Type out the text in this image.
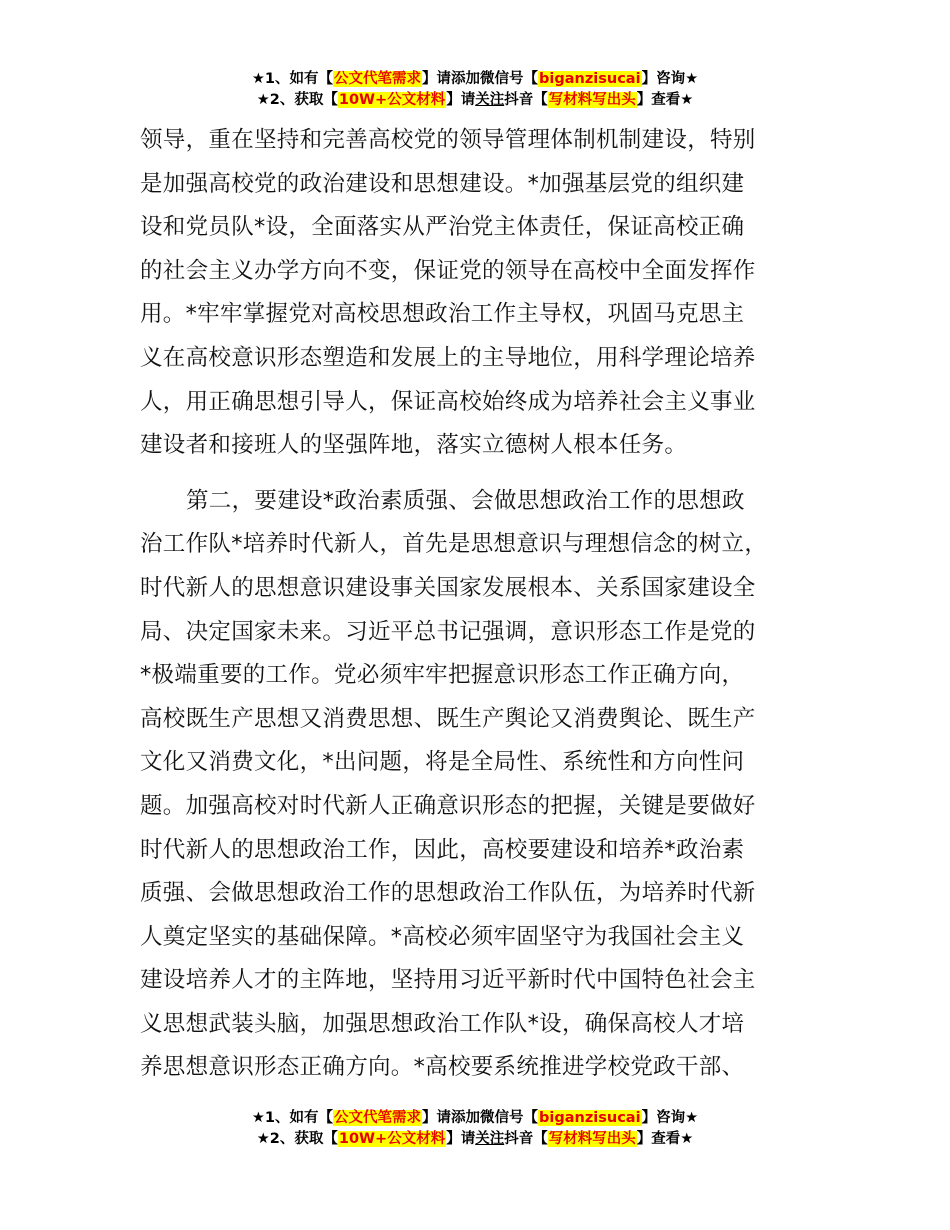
★1、如有【公文代笔需求】请添加微信号【biganzisucai】咨询★
★2、获取【10W+公文材料】请关注抖音【写材料写出头】查看★
领导，重在坚持和完善高校党的领导管理体制机制建设，特别
是加强高校党的政治建设和思想建设。*加强基层党的组织建
设和党员队*设，全面落实从严治党主体责任，保证高校正确
的社会主义办学方向不变，保证党的领导在高校中全面发挥作
用。*牢牢掌握党对高校思想政治工作主导权，巩固马克思主
义在高校意识形态塑造和发展上的主导地位，用科学理论培养
人，用正确思想引导人，保证高校始终成为培养社会主义事业
建设者和接班人的坚强阵地，落实立德树人根本任务。
第二，要建设*政治素质强、会做思想政治工作的思想政
治工作队*培养时代新人，首先是思想意识与理想信念的树立，
时代新人的思想意识建设事关国家发展根本、关系国家建设全
局、决定国家未来。习近平总书记强调，意识形态工作是党的
*极端重要的工作。党必须牢牢把握意识形态工作正确方向，
高校既生产思想又消费思想、既生产舆论又消费舆论、既生产
文化又消费文化，*出问题，将是全局性、系统性和方向性问
题。加强高校对时代新人正确意识形态的把握，关键是要做好
时代新人的思想政治工作，因此，高校要建设和培养*政治素
质强、会做思想政治工作的思想政治工作队伍，为培养时代新
人奠定坚实的基础保障。*高校必须牢固坚守为我国社会主义
建设培养人才的主阵地，坚持用习近平新时代中国特色社会主
义思想武装头脑，加强思想政治工作队*设，确保高校人才培
养思想意识形态正确方向。*高校要系统推进学校党政干部、
★1、如有【公文代笔需求】请添加微信号【biganzisucai】咨询★
★2、获取【10W+公文材料】请关注抖音【写材料写出头】查看★
